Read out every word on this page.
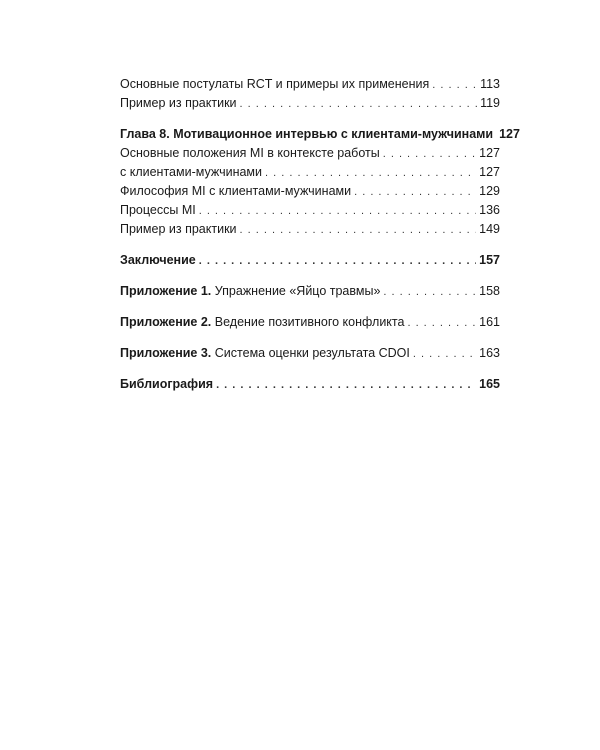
Основные постулаты RCT и примеры их применения . . .	113
Пример из практики . . .	119
Глава 8. Мотивационное интервью с клиентами-мужчинами 127
Основные положения MI в контексте работы . . .	127
с клиентами-мужчинами . . .	127
Философия MI с клиентами-мужчинами . . .	129
Процессы MI . . .	136
Пример из практики . . .	149
Заключение . . .	157
Приложение 1. Упражнение «Яйцо травмы» . . .	158
Приложение 2. Ведение позитивного конфликта . . .	161
Приложение 3. Система оценки результата CDOI . . .	163
Библиография . . .	165
